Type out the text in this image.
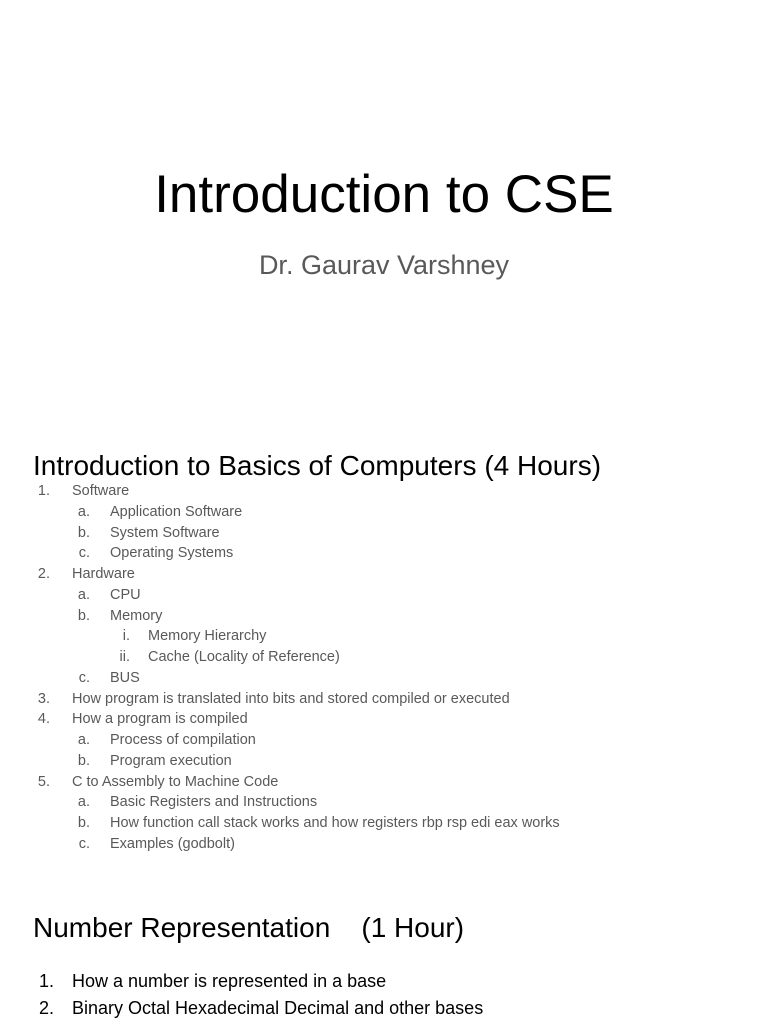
Introduction to CSE
Dr. Gaurav Varshney
Introduction to Basics of Computers (4 Hours)
1. Software
a. Application Software
b. System Software
c. Operating Systems
2. Hardware
a. CPU
b. Memory
i. Memory Hierarchy
ii. Cache (Locality of Reference)
c. BUS
3. How program is translated into bits and stored compiled or executed
4. How a program is compiled
a. Process of compilation
b. Program execution
5. C to Assembly to Machine Code
a. Basic Registers and Instructions
b. How function call stack works and how registers rbp rsp edi eax works
c. Examples (godbolt)
Number Representation    (1 Hour)
1. How a number is represented in a base
2. Binary Octal Hexadecimal Decimal and other bases
